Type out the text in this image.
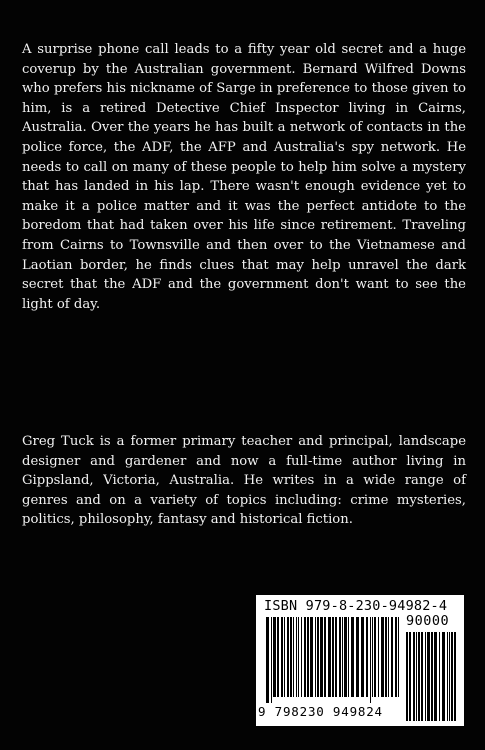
A surprise phone call leads to a fifty year old secret and a huge coverup by the Australian government. Bernard Wilfred Downs who prefers his nickname of Sarge in preference to those given to him, is a retired Detective Chief Inspector living in Cairns, Australia. Over the years he has built a network of contacts in the police force, the ADF, the AFP and Australia's spy network. He needs to call on many of these people to help him solve a mystery that has landed in his lap. There wasn't enough evidence yet to make it a police matter and it was the perfect antidote to the boredom that had taken over his life since retirement. Traveling from Cairns to Townsville and then over to the Vietnamese and Laotian border, he finds clues that may help unravel the dark secret that the ADF and the government don't want to see the light of day.

Greg Tuck is a former primary teacher and principal, landscape designer and gardener and now a full-time author living in Gippsland, Victoria, Australia. He writes in a wide range of genres and on a variety of topics including: crime mysteries, politics, philosophy, fantasy and historical fiction.

ISBN 979-8-230-94982-4
90000
9 798230 949824
